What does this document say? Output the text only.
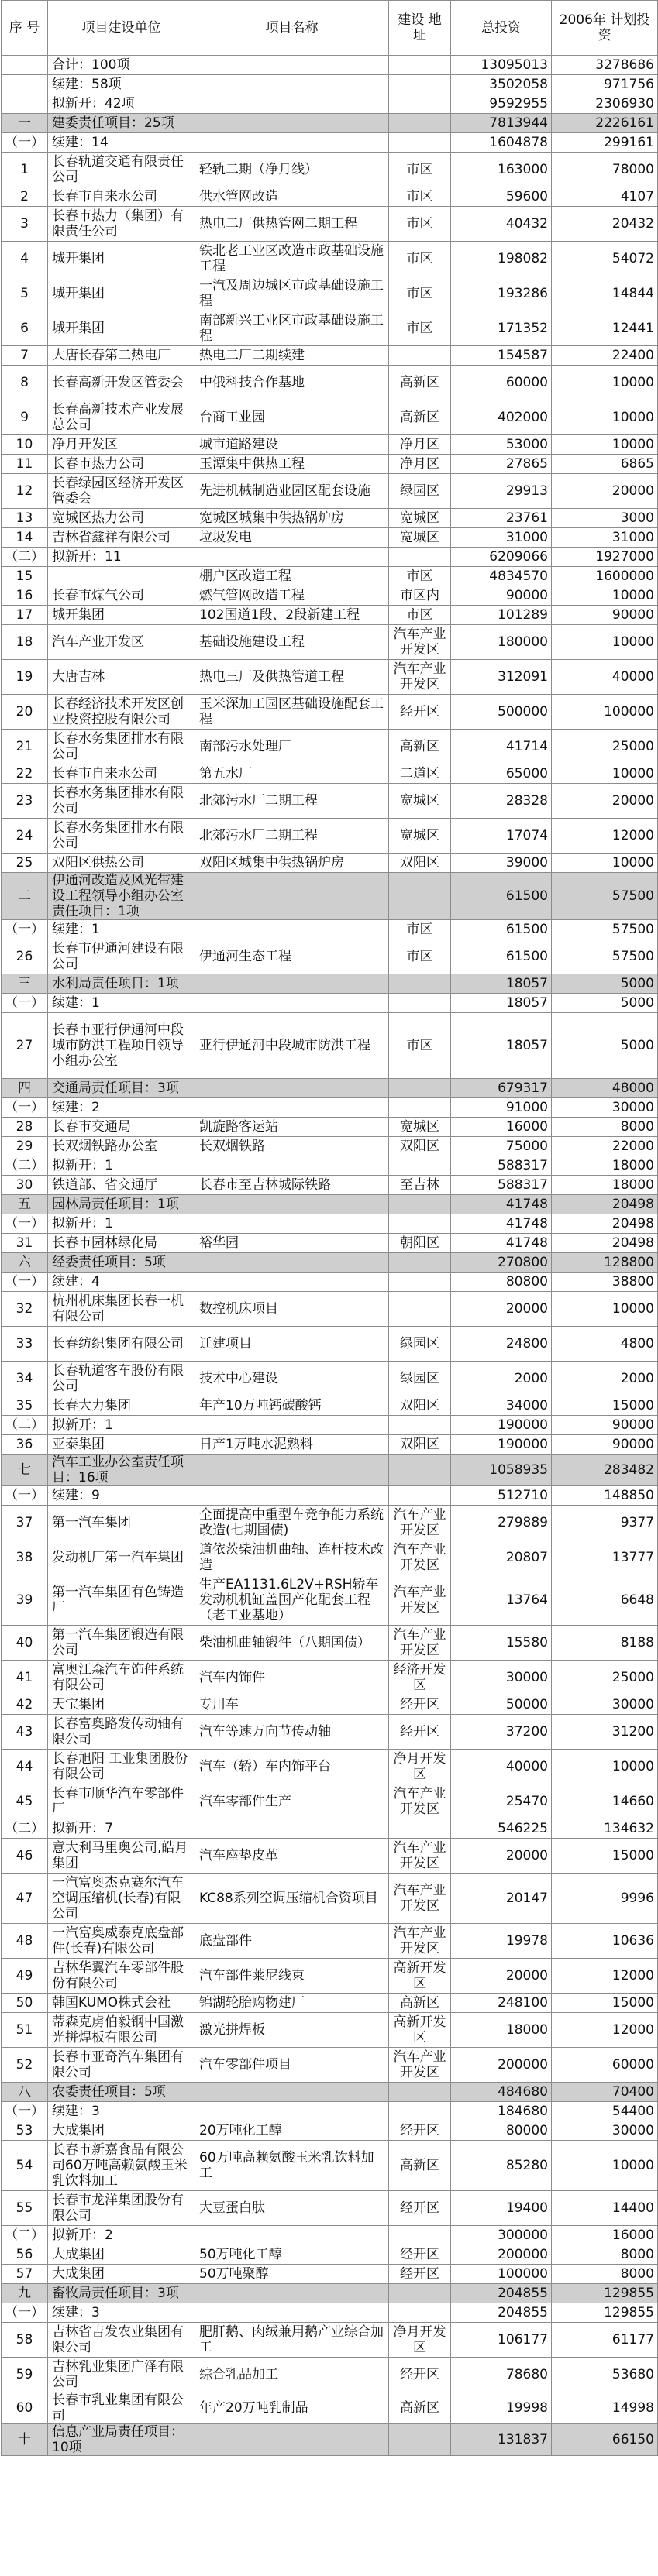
序 号	项目建设单位	项目名称	建设 地址	总投资	2006年 计划投资
	合计：100项			13095013	3278686
	续建：58项			3502058	971756
	拟新开：42项			9592955	2306930
一	建委责任项目：25项			7813944	2226161
（一）	续建：14			1604878	299161
1	长春轨道交通有限责任公司	轻轨二期（净月线）	市区	163000	78000
2	长春市自来水公司	供水管网改造	市区	59600	4107
3	长春市热力（集团）有限责任公司	热电二厂供热管网二期工程	市区	40432	20432
4	城开集团	铁北老工业区改造市政基础设施工程	市区	198082	54072
5	城开集团	一汽及周边城区市政基础设施工程	市区	193286	14844
6	城开集团	南部新兴工业区市政基础设施工程	市区	171352	12441
7	大唐长春第二热电厂	热电二厂二期续建		154587	22400
8	长春高新开发区管委会	中俄科技合作基地	高新区	60000	10000
9	长春高新技术产业发展总公司	台商工业园	高新区	402000	10000
10	净月开发区	城市道路建设	净月区	53000	10000
11	长春市热力公司	玉潭集中供热工程	净月区	27865	6865
12	长春绿园区经济开发区管委会	先进机械制造业园区配套设施	绿园区	29913	20000
13	宽城区热力公司	宽城区城集中供热锅炉房	宽城区	23761	3000
14	吉林省鑫祥有限公司	垃圾发电	宽城区	31000	31000
（二）	拟新开：11			6209066	1927000
15		棚户区改造工程	市区	4834570	1600000
16	长春市煤气公司	燃气管网改造工程	市区内	90000	10000
17	城开集团	102国道1段、2段新建工程	市区	101289	90000
18	汽车产业开发区	基础设施建设工程	汽车产业开发区	180000	10000
19	大唐吉林	热电三厂及供热管道工程	汽车产业开发区	312091	40000
20	长春经济技术开发区创业投资控股有限公司	玉米深加工园区基础设施配套工程	经开区	500000	100000
21	长春水务集团排水有限公司	南部污水处理厂	高新区	41714	25000
22	长春市自来水公司	第五水厂	二道区	65000	10000
23	长春水务集团排水有限公司	北郊污水厂二期工程	宽城区	28328	20000
24	长春水务集团排水有限公司	北郊污水厂二期工程	宽城区	17074	12000
25	双阳区供热公司	双阳区城集中供热锅炉房	双阳区	39000	10000
二	伊通河改造及风光带建设工程领导小组办公室责任项目：1项			61500	57500
（一）	续建：1		市区	61500	57500
26	长春市伊通河建设有限公司	伊通河生态工程	市区	61500	57500
三	水利局责任项目：1项			18057	5000
（一）	续建：1			18057	5000
27	长春市亚行伊通河中段城市防洪工程项目领导小组办公室	亚行伊通河中段城市防洪工程	市区	18057	5000
四	交通局责任项目：3项			679317	48000
（一）	续建：2			91000	30000
28	长春市交通局	凯旋路客运站	宽城区	16000	8000
29	长双烟铁路办公室	长双烟铁路	双阳区	75000	22000
（二）	拟新开：1			588317	18000
30	铁道部、省交通厅	长春市至吉林城际铁路	至吉林	588317	18000
五	园林局责任项目：1项			41748	20498
（一）	拟新开：1			41748	20498
31	长春市园林绿化局	裕华园	朝阳区	41748	20498
六	经委责任项目：5项			270800	128800
（一）	续建：4			80800	38800
32	杭州机床集团长春一机有限公司	数控机床项目		20000	10000
33	长春纺织集团有限公司	迁建项目	绿园区	24800	4800
34	长春轨道客车股份有限公司	技术中心建设	绿园区	2000	2000
35	长春大力集团	年产10万吨钙碳酸钙	双阳区	34000	15000
（二）	拟新开：1			190000	90000
36	亚泰集团	日产1万吨水泥熟料	双阳区	190000	90000
七	汽车工业办公室责任项目：16项			1058935	283482
（一）	续建：9			512710	148850
37	第一汽车集团	全面提高中重型车竞争能力系统改造(七期国债)	汽车产业开发区	279889	9377
38	发动机厂第一汽车集团	道依茨柴油机曲轴、连杆技术改造	汽车产业开发区	20807	13777
39	第一汽车集团有色铸造厂	生产EA1131.6L2V+RSH轿车发动机机缸盖国产化配套工程（老工业基地）	汽车产业开发区	13764	6648
40	第一汽车集团锻造有限公司	柴油机曲轴锻件（八期国债）	汽车产业开发区	15580	8188
41	富奥江森汽车饰件系统有限公司	汽车内饰件	经济开发区	30000	25000
42	天宝集团	专用车	经开区	50000	30000
43	长春富奥路发传动轴有限公司	汽车等速万向节传动轴	经开区	37200	31200
44	长春旭阳 工业集团股份有限公司	汽车（轿）车内饰平台	净月开发区	40000	10000
45	长春市顺华汽车零部件厂	汽车零部件生产	汽车产业开发区	25470	14660
（二）	拟新开：7			546225	134632
46	意大利马里奥公司,皓月集团	汽车座垫皮革	汽车产业开发区	20000	15000
47	一汽富奥杰克赛尔汽车空调压缩机(长春)有限公司	KC88系列空调压缩机合资项目	汽车产业开发区	20147	9996
48	一汽富奥威泰克底盘部件(长春)有限公司	底盘部件	汽车产业开发区	19978	10636
49	吉林华翼汽车零部件股份有限公司	汽车部件莱尼线束	高新开发区	20000	12000
50	韩国KUMO株式会社	锦湖轮胎购物建厂	高新区	248100	15000
51	蒂森克虏伯毅钢中国激光拼焊板有限公司	激光拼焊板	高新开发区	18000	12000
52	长春市亚奇汽车集团有限公司	汽车零部件项目	汽车产业开发区	200000	60000
八	农委责任项目：5项			484680	70400
（一）	续建：3			184680	54400
53	大成集团	20万吨化工醇	经开区	80000	30000
54	长春市新嘉食品有限公司60万吨高赖氨酸玉米乳饮料加工	60万吨高赖氨酸玉米乳饮料加工	高新区	85280	10000
55	长春市龙洋集团股份有限公司	大豆蛋白肽	经开区	19400	14400
（二）	拟新开：2			300000	16000
56	大成集团	50万吨化工醇	经开区	200000	8000
57	大成集团	50万吨聚醇	经开区	100000	8000
九	畜牧局责任项目：3项			204855	129855
（一）	续建：3			204855	129855
58	吉林省吉发农业集团有限公司	肥肝鹅、肉绒兼用鹅产业综合加工	净月开发区	106177	61177
59	吉林乳业集团广泽有限公司	综合乳品加工	经开区	78680	53680
60	长春市乳业集团有限公司	年产20万吨乳制品	高新区	19998	14998
十	信息产业局责任项目：10项			131837	66150
